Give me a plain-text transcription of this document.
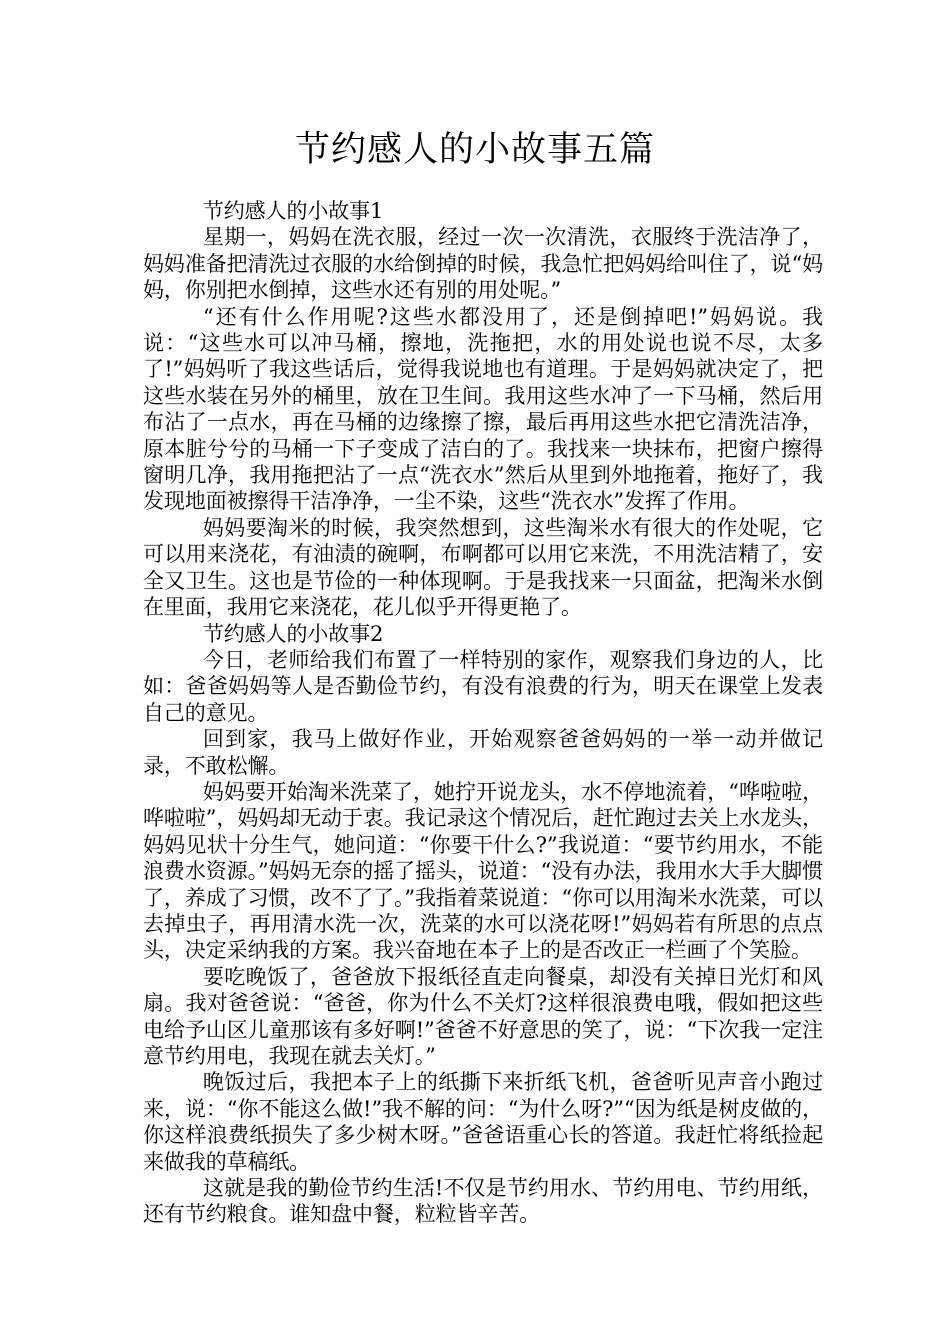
节约感人的小故事五篇

节约感人的小故事1

星期一，妈妈在洗衣服，经过一次一次清洗，衣服终于洗洁净了，妈妈准备把清洗过衣服的水给倒掉的时候，我急忙把妈妈给叫住了，说“妈妈，你别把水倒掉，这些水还有别的用处呢。”

“还有什么作用呢?这些水都没用了，还是倒掉吧!”妈妈说。我说：“这些水可以冲马桶，擦地，洗拖把，水的用处说也说不尽，太多了!”妈妈听了我这些话后，觉得我说地也有道理。于是妈妈就决定了，把这些水装在另外的桶里，放在卫生间。我用这些水冲了一下马桶，然后用布沾了一点水，再在马桶的边缘擦了擦，最后再用这些水把它清洗洁净，原本脏兮兮的马桶一下子变成了洁白的了。我找来一块抹布，把窗户擦得窗明几净，我用拖把沾了一点“洗衣水”然后从里到外地拖着，拖好了，我发现地面被擦得干洁净净，一尘不染，这些“洗衣水”发挥了作用。

妈妈要淘米的时候，我突然想到，这些淘米水有很大的作处呢，它可以用来浇花，有油渍的碗啊，布啊都可以用它来洗，不用洗洁精了，安全又卫生。这也是节俭的一种体现啊。于是我找来一只面盆，把淘米水倒在里面，我用它来浇花，花儿似乎开得更艳了。

节约感人的小故事2

今日，老师给我们布置了一样特别的家作，观察我们身边的人，比如：爸爸妈妈等人是否勤俭节约，有没有浪费的行为，明天在课堂上发表自己的意见。

回到家，我马上做好作业，开始观察爸爸妈妈的一举一动并做记录，不敢松懈。

妈妈要开始淘米洗菜了，她拧开说龙头，水不停地流着，“哗啦啦，哗啦啦”，妈妈却无动于衷。我记录这个情况后，赶忙跑过去关上水龙头，妈妈见状十分生气，她问道：“你要干什么?”我说道：“要节约用水，不能浪费水资源。”妈妈无奈的摇了摇头，说道：“没有办法，我用水大手大脚惯了，养成了习惯，改不了了。”我指着菜说道：“你可以用淘米水洗菜，可以去掉虫子，再用清水洗一次，洗菜的水可以浇花呀!”妈妈若有所思的点点头，决定采纳我的方案。我兴奋地在本子上的是否改正一栏画了个笑脸。

要吃晚饭了，爸爸放下报纸径直走向餐桌，却没有关掉日光灯和风扇。我对爸爸说：“爸爸，你为什么不关灯?这样很浪费电哦，假如把这些电给予山区儿童那该有多好啊!”爸爸不好意思的笑了，说：“下次我一定注意节约用电，我现在就去关灯。”

晚饭过后，我把本子上的纸撕下来折纸飞机，爸爸听见声音小跑过来，说：“你不能这么做!”我不解的问：“为什么呀?”“因为纸是树皮做的，你这样浪费纸损失了多少树木呀。”爸爸语重心长的答道。我赶忙将纸捡起来做我的草稿纸。

这就是我的勤俭节约生活!不仅是节约用水、节约用电、节约用纸，还有节约粮食。谁知盘中餐，粒粒皆辛苦。
